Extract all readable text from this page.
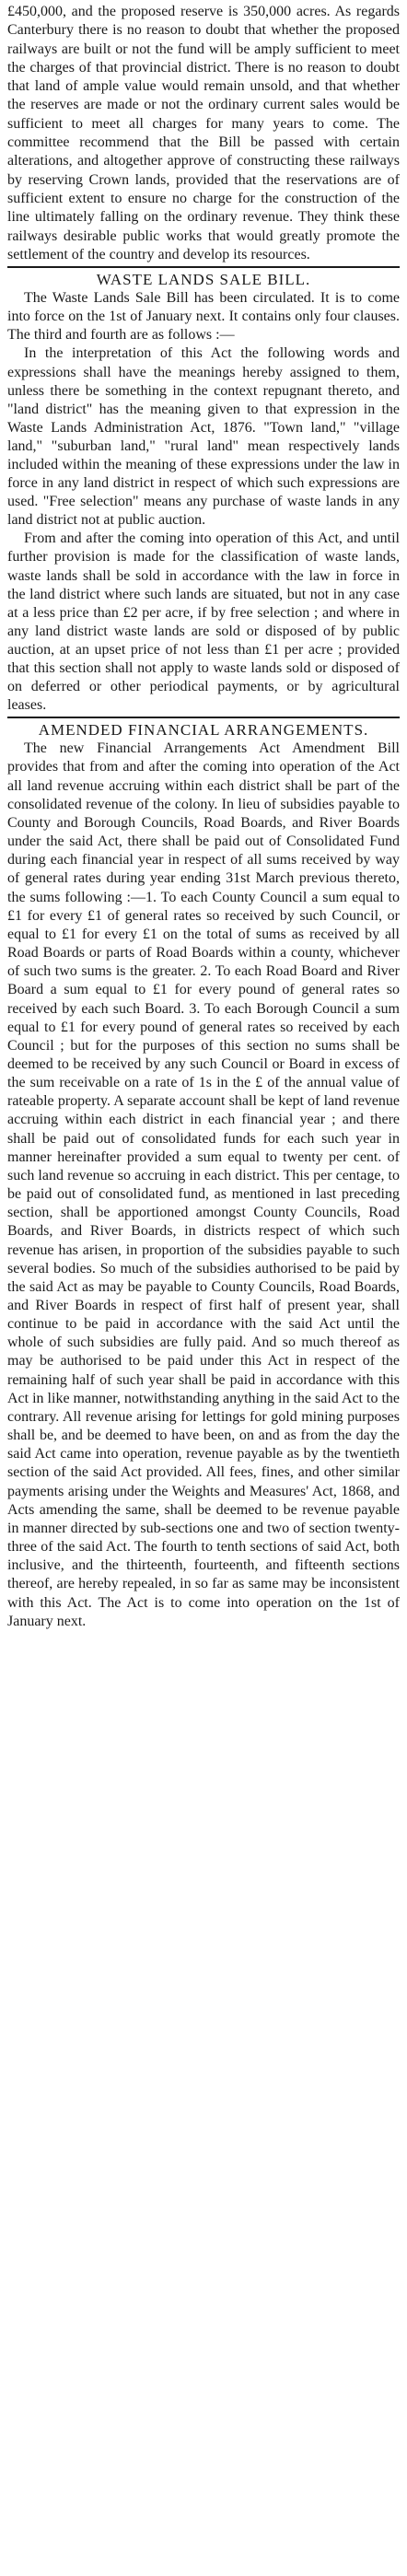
£450,000, and the proposed reserve is 350,000 acres. As regards Canterbury there is no reason to doubt that whether the proposed railways are built or not the fund will be amply sufficient to meet the charges of that provincial district. There is no reason to doubt that land of ample value would remain unsold, and that whether the reserves are made or not the ordinary current sales would be sufficient to meet all charges for many years to come. The committee recommend that the Bill be passed with certain alterations, and altogether approve of constructing these railways by reserving Crown lands, provided that the reservations are of sufficient extent to ensure no charge for the construction of the line ultimately falling on the ordinary revenue. They think these railways desirable public works that would greatly promote the settlement of the country and develop its resources.

WASTE LANDS SALE BILL.

The Waste Lands Sale Bill has been circulated. It is to come into force on the 1st of January next. It contains only four clauses. The third and fourth are as follows :—

In the interpretation of this Act the following words and expressions shall have the meanings hereby assigned to them, unless there be something in the context repugnant thereto, and "land district" has the meaning given to that expression in the Waste Lands Administration Act, 1876. "Town land," "village land," "suburban land," "rural land" mean respectively lands included within the meaning of these expressions under the law in force in any land district in respect of which such expressions are used. "Free selection" means any purchase of waste lands in any land district not at public auction.

From and after the coming into operation of this Act, and until further provision is made for the classification of waste lands, waste lands shall be sold in accordance with the law in force in the land district where such lands are situated, but not in any case at a less price than £2 per acre, if by free selection ; and where in any land district waste lands are sold or disposed of by public auction, at an upset price of not less than £1 per acre ; provided that this section shall not apply to waste lands sold or disposed of on deferred or other periodical payments, or by agricultural leases.

AMENDED FINANCIAL ARRANGEMENTS.

The new Financial Arrangements Act Amendment Bill provides that from and after the coming into operation of the Act all land revenue accruing within each district shall be part of the consolidated revenue of the colony. In lieu of subsidies payable to County and Borough Councils, Road Boards, and River Boards under the said Act, there shall be paid out of Consolidated Fund during each financial year in respect of all sums received by way of general rates during year ending 31st March previous thereto, the sums following :—1. To each County Council a sum equal to £1 for every £1 of general rates so received by such Council, or equal to £1 for every £1 on the total of sums as received by all Road Boards or parts of Road Boards within a county, whichever of such two sums is the greater. 2. To each Road Board and River Board a sum equal to £1 for every pound of general rates so received by each such Board. 3. To each Borough Council a sum equal to £1 for every pound of general rates so received by each Council ; but for the purposes of this section no sums shall be deemed to be received by any such Council or Board in excess of the sum receivable on a rate of 1s in the £ of the annual value of rateable property. A separate account shall be kept of land revenue accruing within each district in each financial year ; and there shall be paid out of consolidated funds for each such year in manner hereinafter provided a sum equal to twenty per cent. of such land revenue so accruing in each district. This per centage, to be paid out of consolidated fund, as mentioned in last preceding section, shall be apportioned amongst County Councils, Road Boards, and River Boards, in districts respect of which such revenue has arisen, in proportion of the subsidies payable to such several bodies. So much of the subsidies authorised to be paid by the said Act as may be payable to County Councils, Road Boards, and River Boards in respect of first half of present year, shall continue to be paid in accordance with the said Act until the whole of such subsidies are fully paid. And so much thereof as may be authorised to be paid under this Act in respect of the remaining half of such year shall be paid in accordance with this Act in like manner, notwithstanding anything in the said Act to the contrary. All revenue arising for lettings for gold mining purposes shall be, and be deemed to have been, on and as from the day the said Act came into operation, revenue payable as by the twentieth section of the said Act provided. All fees, fines, and other similar payments arising under the Weights and Measures' Act, 1868, and Acts amending the same, shall be deemed to be revenue payable in manner directed by sub-sections one and two of section twenty-three of the said Act. The fourth to tenth sections of said Act, both inclusive, and the thirteenth, fourteenth, and fifteenth sections thereof, are hereby repealed, in so far as same may be inconsistent with this Act. The Act is to come into operation on the 1st of January next.
